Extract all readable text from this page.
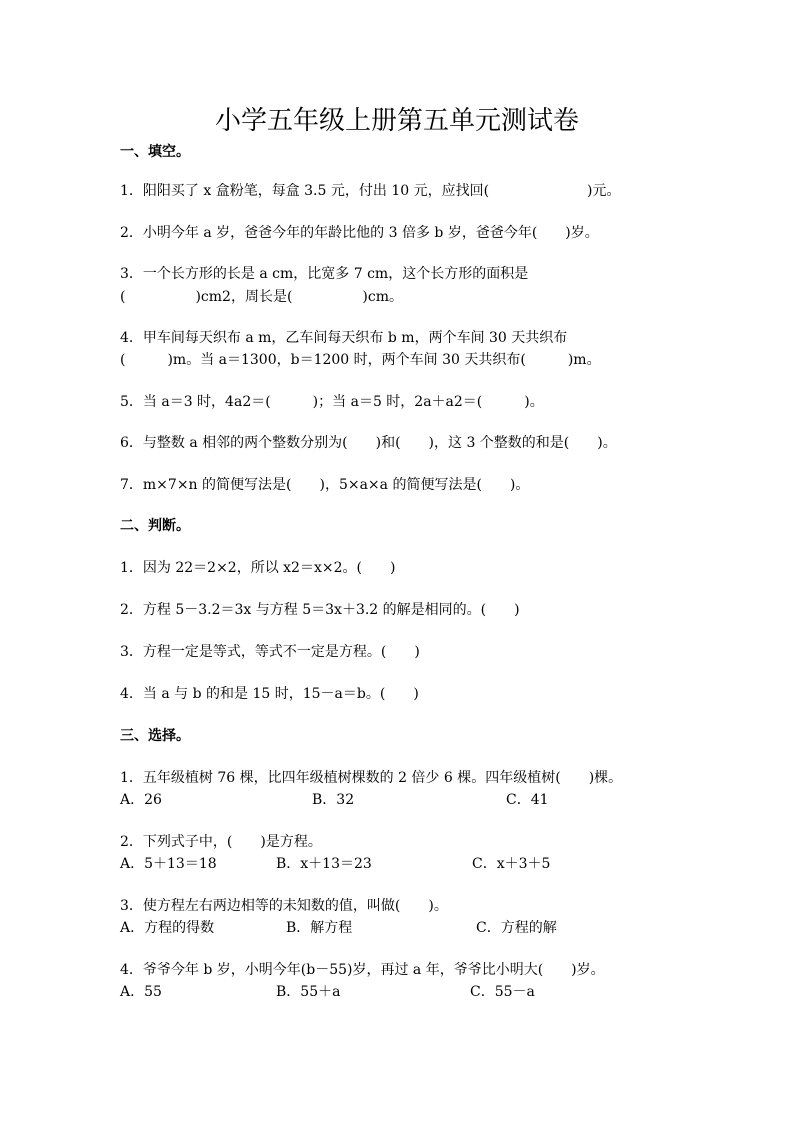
小学五年级上册第五单元测试卷
一、填空。
1．阳阳买了 x 盒粉笔，每盒 3.5 元，付出 10 元，应找回(　　　　　　　)元。
2．小明今年 a 岁，爸爸今年的年龄比他的 3 倍多 b 岁，爸爸今年(　　)岁。
3．一个长方形的长是 a cm，比宽多 7 cm，这个长方形的面积是
(　　　　　)cm2，周长是(　　　　　)cm。
4．甲车间每天织布 a m，乙车间每天织布 b m，两个车间 30 天共织布
(　　　)m。当 a＝1300，b＝1200 时，两个车间 30 天共织布(　　　)m。
5．当 a＝3 时，4a2＝(　　　)；当 a＝5 时，2a＋a2＝(　　　)。
6．与整数 a 相邻的两个整数分别为(　　)和(　　)，这 3 个整数的和是(　　)。
7．m×7×n 的简便写法是(　　)，5×a×a 的简便写法是(　　)。
二、判断。
1．因为 22＝2×2，所以 x2＝x×2。(　　)
2．方程 5－3.2＝3x 与方程 5＝3x＋3.2 的解是相同的。(　　)
3．方程一定是等式，等式不一定是方程。(　　)
4．当 a 与 b 的和是 15 时，15－a＝b。(　　)
三、选择。
1．五年级植树 76 棵，比四年级植树棵数的 2 倍少 6 棵。四年级植树(　　)棵。
A．26	B．32	C．41
2．下列式子中，(　　)是方程。
A．5＋13＝18	B．x＋13＝23	C．x＋3＋5
3．使方程左右两边相等的未知数的值，叫做(　　)。
A．方程的得数	B．解方程	C．方程的解
4．爷爷今年 b 岁，小明今年(b－55)岁，再过 a 年，爷爷比小明大(　　)岁。
A．55	B．55＋a	C．55－a
